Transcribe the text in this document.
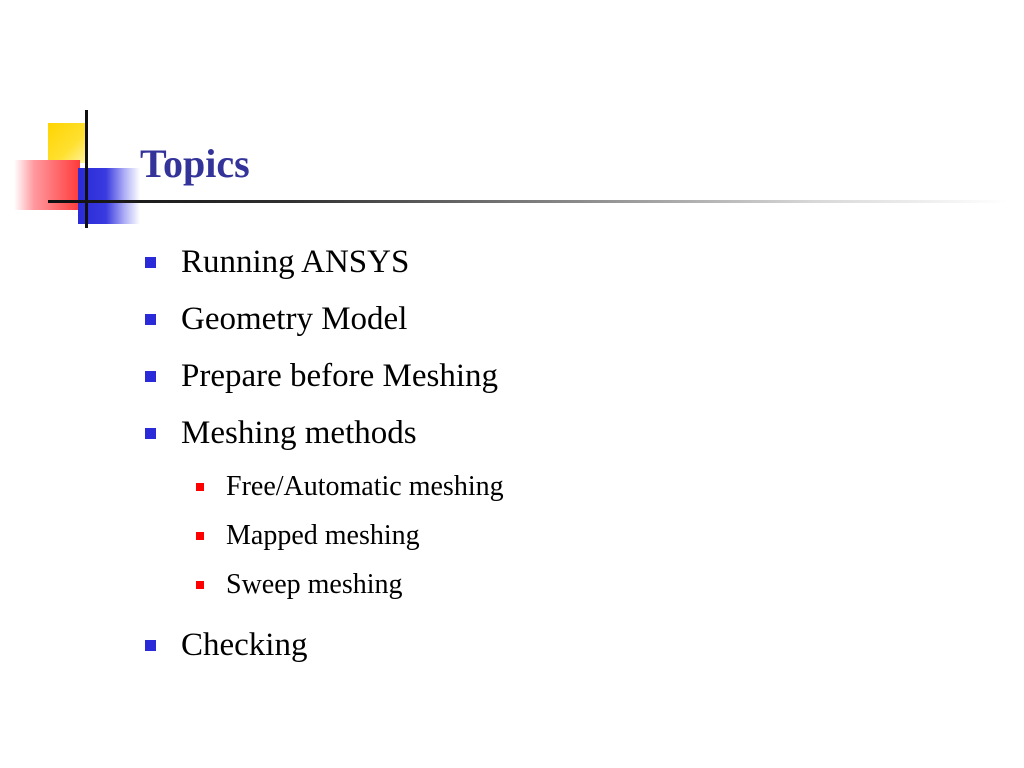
Topics
Running ANSYS
Geometry Model
Prepare before Meshing
Meshing methods
Free/Automatic meshing
Mapped meshing
Sweep meshing
Checking
